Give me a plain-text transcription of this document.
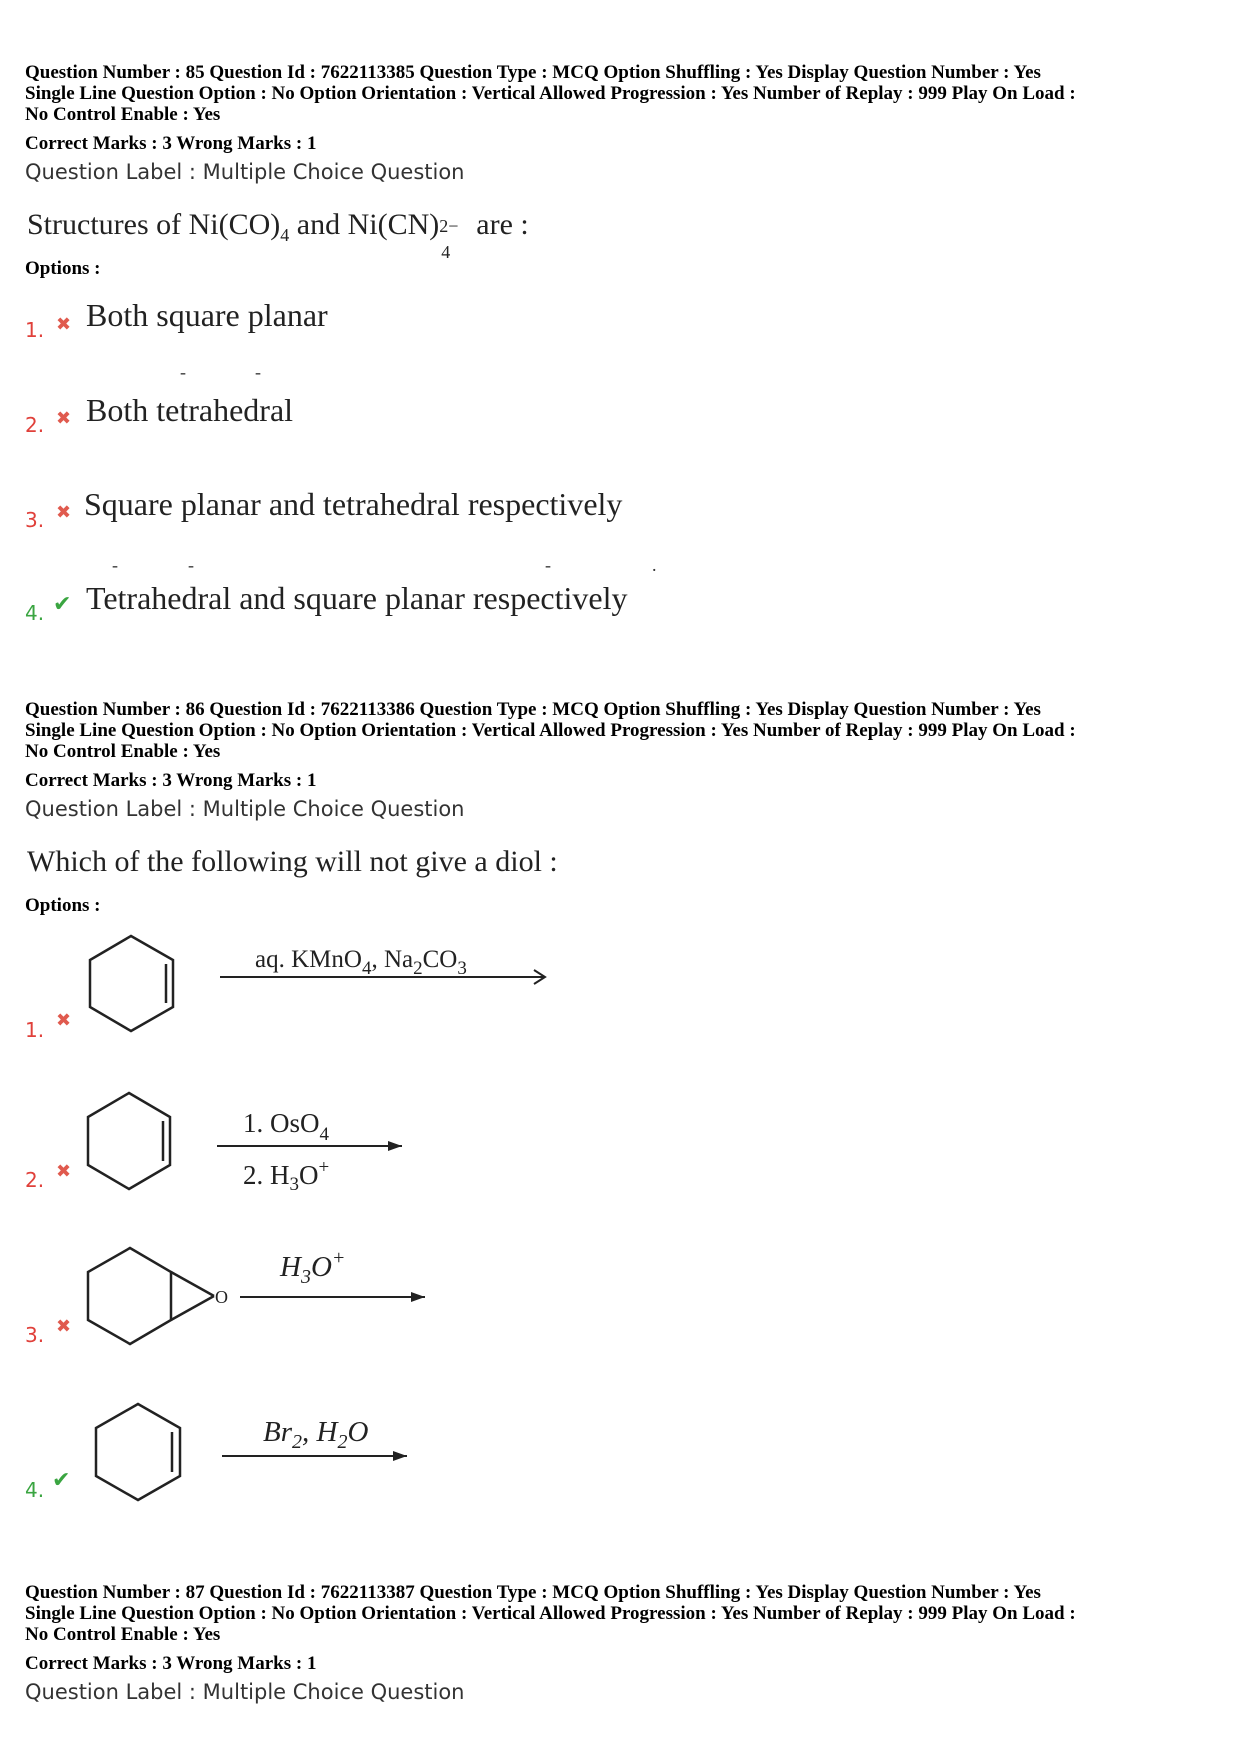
Question Number : 85 Question Id : 7622113385 Question Type : MCQ Option Shuffling : Yes Display Question Number : Yes
Single Line Question Option : No Option Orientation : Vertical Allowed Progression : Yes Number of Replay : 999 Play On Load :
No Control Enable : Yes
Correct Marks : 3 Wrong Marks : 1
Question Label : Multiple Choice Question
Structures of $Ni(CO)_4$ and Ni(CN) 2−
4
are :
Options :
1. ✖ Both square planar
-	-
2. ✖ Both tetrahedral
3. ✖ Square planar and tetrahedral respectively
-	-	-	.
4. ✔ Tetrahedral and square planar respectively
Question Number : 86 Question Id : 7622113386 Question Type : MCQ Option Shuffling : Yes Display Question Number : Yes
Single Line Question Option : No Option Orientation : Vertical Allowed Progression : Yes Number of Replay : 999 Play On Load :
No Control Enable : Yes
Correct Marks : 3 Wrong Marks : 1
Question Label : Multiple Choice Question
Which of the following will not give a diol :
Options :
1. ✖
aq. KMnO$_4$, $Na_2CO_3$
2. ✖
1. OsO$_4$
2. $H_3O^+$
3. ✖
O
$H_3O^+$
4. ✔
$Br_2$, $H_2O$
Question Number : 87 Question Id : 7622113387 Question Type : MCQ Option Shuffling : Yes Display Question Number : Yes
Single Line Question Option : No Option Orientation : Vertical Allowed Progression : Yes Number of Replay : 999 Play On Load :
No Control Enable : Yes
Correct Marks : 3 Wrong Marks : 1
Question Label : Multiple Choice Question
